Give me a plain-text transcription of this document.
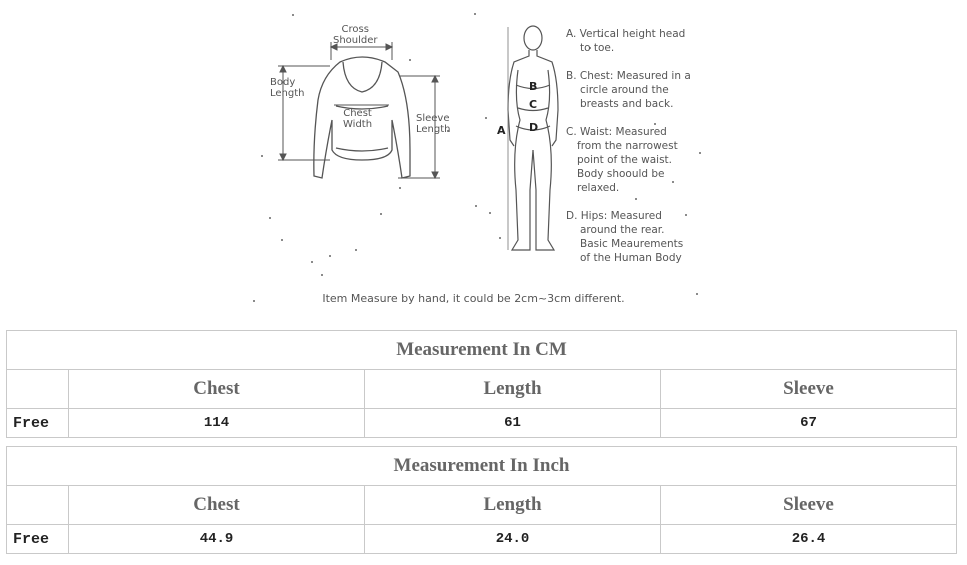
Cross
Shoulder
Body
Length
Chest
Width
Sleeve
Length
B
C
D
A
A. Vertical height head
to toe.
B. Chest: Measured in a
circle around the
breasts and back.
C. Waist: Measured
from the narrowest
point of the waist.
Body shoould be
relaxed.
D. Hips: Measured
around the rear.
Basic Meaurements
of the Human Body
Item Measure by hand, it could be 2cm~3cm different.
Measurement In CM			
	Chest	Length	Sleeve
Free	114	61	67
Measurement In Inch			
	Chest	Length	Sleeve
Free	44.9	24.0	26.4
